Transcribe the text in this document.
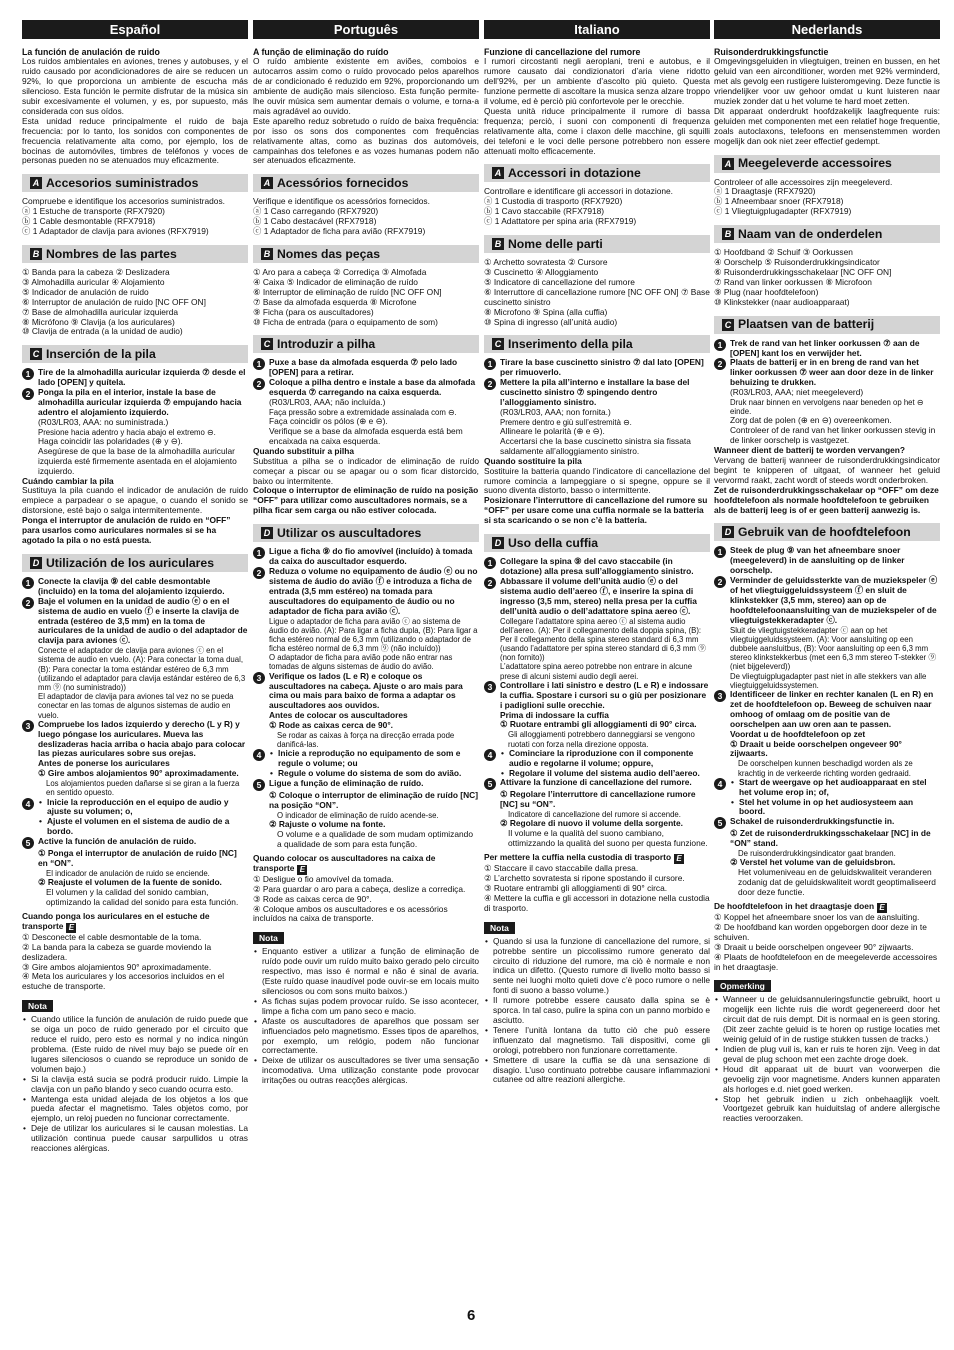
Español

La función de anulación de ruido

Los ruidos ambientales en aviones, trenes y autobuses, y el ruido causado por acondicionadores de aire se reducen un 92%, lo que proporciona un ambiente de escucha más silencioso. Esta función le permite disfrutar de la música sin subir excesivamente el volumen, y es, por supuesto, más considerada con sus oídos.

Esta unidad reduce principalmente el ruido de baja frecuencia: por lo tanto, los sonidos con componentes de frecuencia relativamente alta como, por ejemplo, los de bocinas de automóviles, timbres de teléfonos y voces de personas pueden no se atenuados muy eficazmente.

A Accesorios suministrados

Compruebe e identifique los accesorios suministrados.

ⓐ 1 Estuche de transporte (RFX7920)

ⓑ 1 Cable desmontable (RFX7918)

ⓒ 1 Adaptador de clavija para aviones (RFX7919)

B Nombres de las partes

① Banda para la cabeza ② Deslizadera

③ Almohadilla auricular ④ Alojamiento

⑤ Indicador de anulación de ruido

⑥ Interruptor de anulación de ruido [NC OFF ON]

⑦ Base de almohadilla auricular izquierda

⑧ Micrófono ⑨ Clavija (a los auriculares)

⑩ Clavija de entrada (a la unidad de audio)

C Inserción de la pila
1 Tire de la almohadilla auricular izquierda ⑦ desde el lado [OPEN] y quítela.
2 Ponga la pila en el interior, instale la base de almohadilla auricular izquierda ⑦ empujando hacia adentro el alojamiento izquierdo.

(R03/LR03, AAA: no suministrada.)

Presione hacia adentro y hacia abajo el extremo ⊖.

Haga coincidir las polaridades (⊕ y ⊖).

Asegúrese de que la base de la almohadilla auricular izquierda esté firmemente asentada en el alojamiento izquierdo.

Cuándo cambiar la pila

Sustituya la pila cuando el indicador de anulación de ruido empiece a parpadear o se apague, o cuando el sonido se distorsione, esté bajo o salga intermitentemente.

Ponga el interruptor de anulación de ruido en “OFF” para usarlos como auriculares normales si se ha agotado la pila o no está puesta.

D Utilización de los auriculares
1 Conecte la clavija ⑨ del cable desmontable (incluido) en la toma del alojamiento izquierdo.
2 Baje el volumen en la unidad de audio ⓔ o en el sistema de audio en vuelo ⓕ e inserte la clavija de entrada (estéreo de 3,5 mm) en la toma de auriculares de la unidad de audio o del adaptador de clavija para aviones ⓒ.

Conecte el adaptador de clavija para aviones ⓒ en el sistema de audio en vuelo. (A): Para conectar la toma dual, (B): Para conectar la toma estándar estéreo de 6,3 mm (utilizando el adaptador para clavija estándar estéreo de 6,3 mm ⑨ (no suministrado))

El adaptador de clavija para aviones tal vez no se pueda conectar en las tomas de algunos sistemas de audio en vuelo.

3 Compruebe los lados izquierdo y derecho (L y R) y luego póngase los auriculares. Mueva las deslizaderas hacia arriba o hacia abajo para colocar las piezas auriculares sobre sus orejas.

Antes de ponerse los auriculares

① Gire ambos alojamientos 90° aproximadamente.

Los alojamientos pueden dañarse si se giran a la fuerza en sentido opuesto.

4	• Inicie la reproducción en el equipo de audio y ajuste su volumen; o,
• Ajuste el volumen en el sistema de audio de a bordo.
5 Active la función de anulación de ruido.

① Ponga el interruptor de anulación de ruido [NC] en “ON”.

El indicador de anulación de ruido se enciende.

② Reajuste el volumen de la fuente de sonido.

El volumen y la calidad del sonido cambian, optimizando la calidad del sonido para esta función.

Cuando ponga los auriculares en el estuche de transporte E

① Desconecte el cable desmontable de la toma.

② La banda para la cabeza se guarde moviendo la deslizadera.

③ Gire ambos alojamientos 90° aproximadamente.

④ Meta los auriculares y los accesorios incluidos en el estuche de transporte.

Nota
• Cuando utilice la función de anulación de ruido puede que se oiga un poco de ruido generado por el circuito que reduce el ruido, pero esto es normal y no indica ningún problema. (Este ruido de nivel muy bajo se puede oír en lugares silenciosos o cuando se reproduce un sonido de volumen bajo.)
• Si la clavija está sucia se podrá producir ruido. Limpie la clavija con un paño blando y seco cuando ocurra esto.
• Mantenga esta unidad alejada de los objetos a los que pueda afectar el magnetismo. Tales objetos como, por ejemplo, un reloj pueden no funcionar correctamente.
• Deje de utilizar los auriculares si le causan molestias. La utilización continua puede causar sarpullidos u otras reacciones alérgicas.
Português

A função de eliminação do ruído

O ruído ambiente existente em aviões, comboios e autocarros assim como o ruído provocado pelos aparelhos de ar condicionado é reduzido em 92%, proporcionando um ambiente de audição mais silencioso. Esta função permite-lhe ouvir música sem aumentar demais o volume, e torna-a mais agradável ao ouvido.

Este aparelho reduz sobretudo o ruído de baixa frequência: por isso os sons dos componentes com frequências relativamente altas, como as buzinas dos automóveis, campainhas dos telefones e as vozes humanas podem não ser atenuados eficazmente.

A Acessórios fornecidos

Verifique e identifique os acessórios fornecidos.

ⓐ 1 Caso carregando (RFX7920)

ⓑ 1 Cabo destacável (RFX7918)

ⓒ 1 Adaptador de ficha para avião (RFX7919)

B Nomes das peças

① Aro para a cabeça ② Corrediça ③ Almofada

④ Caixa ⑤ Indicador de eliminação de ruído

⑥ Interruptor de eliminação de ruído [NC OFF ON]

⑦ Base da almofada esquerda ⑧ Microfone

⑨ Ficha (para os auscultadores)

⑩ Ficha de entrada (para o equipamento de som)

C Introduzir a pilha
1 Puxe a base da almofada esquerda ⑦ pelo lado [OPEN] para a retirar.
2 Coloque a pilha dentro e instale a base da almofada esquerda ⑦ carregando na caixa esquerda.

(R03/LR03, AAA; não incluída.)

Faça pressão sobre a extremidade assinalada com ⊖.

Faça coincidir os pólos (⊕ e ⊖).

Verifique se a base da almofada esquerda está bem encaixada na caixa esquerda.

Quando substituir a pilha

Substitua a pilha se o indicador de eliminação de ruído começar a piscar ou se apagar ou o som ficar distorcido, baixo ou intermitente.

Coloque o interruptor de eliminação de ruído na posição “OFF” para utilizar como auscultadores normais, se a pilha ficar sem carga ou não estiver colocada.

D Utilizar os auscultadores
1 Ligue a ficha ⑨ do fio amovível (incluído) à tomada da caixa do auscultador esquerdo.
2 Reduza o volume no equipamento de áudio ⓔ ou no sistema de áudio do avião ⓕ e introduza a ficha de entrada (3,5 mm estéreo) na tomada para auscultadores do equipamento de áudio ou no adaptador de ficha para avião ⓒ.

Ligue o adaptador de ficha para avião ⓒ ao sistema de áudio do avião. (A): Para ligar a ficha dupla, (B): Para ligar a ficha estéreo normal de 6,3 mm (utilizando o adaptador de ficha estéreo normal de 6,3 mm ⑨ (não incluído))

O adaptador de ficha para avião pode não entrar nas tomadas de alguns sistemas de áudio do avião.

3 Verifique os lados (L e R) e coloque os auscultadores na cabeça. Ajuste o aro mais para cima ou mais para baixo de forma a adaptar os auscultadores aos ouvidos.

Antes de colocar os auscultadores

① Rode as caixas cerca de 90°.

Se rodar as caixas à força na direcção errada pode danificá-las.

4	• Inicie a reprodução no equipamento de som e regule o volume; ou
• Regule o volume do sistema de som do avião.
5 Ligue a função de eliminação de ruído.

① Coloque o interruptor de eliminação de ruído [NC] na posição “ON”.

O indicador de eliminação de ruído acende-se.

② Rajuste o volume na fonte.

O volume e a qualidade de som mudam optimizando a qualidade de som para esta função.

Quando colocar os auscultadores na caixa de transporte E

① Desligue o fio amovível da tomada.

② Para guardar o aro para a cabeça, deslize a corrediça.

③ Rode as caixas cerca de 90°.

④ Coloque ambos os auscultadores e os acessórios incluídos na caixa de transporte.

Nota
• Enquanto estiver a utilizar a função de eliminação de ruído pode ouvir um ruído muito baixo gerado pelo circuito respectivo, mas isso é normal e não é sinal de avaria. (Este ruído quase inaudível pode ouvir-se em locais muito silenciosos ou com sons muito baixos.)
• As fichas sujas podem provocar ruído. Se isso acontecer, limpe a ficha com um pano seco e macio.
• Afaste os auscultadores de aparelhos que possam ser influenciados pelo magnetismo. Esses tipos de aparelhos, por exemplo, um relógio, podem não funcionar correctamente.
• Deixe de utilizar os auscultadores se tiver uma sensação incomodativa. Uma utilização constante pode provocar irritações ou outras reacções alérgicas.
Italiano

Funzione di cancellazione del rumore

I rumori circostanti negli aeroplani, treni e autobus, e il rumore causato dai condizionatori d’aria viene ridotto dell’92%, per un ambiente d’ascolto più quieto. Questa funzione permette di ascoltare la musica senza alzare troppo il volume, ed è perciò più confortevole per le orecchie.

Questa unità riduce principalmente il rumore di bassa frequenza; perciò, i suoni con componenti di frequenza relativamente alta, come i claxon delle macchine, gli squilli dei telefoni e le voci delle persone potrebbero non essere attenuati molto efficacemente.

A Accessori in dotazione

Controllare e identificare gli accessori in dotazione.

ⓐ 1 Custodia di trasporto (RFX7920)

ⓑ 1 Cavo staccabile (RFX7918)

ⓒ 1 Adattatore per spina aria (RFX7919)

B Nome delle parti

① Archetto sovratesta ② Cursore

③ Cuscinetto ④ Alloggiamento

⑤ Indicatore di cancellazione del rumore

⑥ Interruttore di cancellazione rumore [NC OFF ON] ⑦ Base cuscinetto sinistro

⑧ Microfono ⑨ Spina (alla cuffia)

⑩ Spina di ingresso (all’unità audio)

C Inserimento della pila
1 Tirare la base cuscinetto sinistro ⑦ dal lato [OPEN] per rimuoverlo.
2 Mettere la pila all’interno e installare la base del cuscinetto sinistro ⑦ spingendo dentro l’alloggiamento sinistro.

(R03/LR03, AAA; non fornita.)

Premere dentro e giù sull’estremità ⊖.

Allineare le polarità (⊕ e ⊖).

Accertarsi che la base cuscinetto sinistra sia fissata saldamente all’alloggiamento sinistro.

Quando sostituire la pila

Sostituire la batteria quando l’indicatore di cancellazione del rumore comincia a lampeggiare o si spegne, oppure se il suono diventa distorto, basso o intermittente.

Posizionare l’interruttore di cancellazione del rumore su “OFF” per usare come una cuffia normale se la batteria si sta scaricando o se non c’è la batteria.

D Uso della cuffia
1 Collegare la spina ⑨ del cavo staccabile (in dotazione) alla presa sull’alloggiamento sinistro.
2 Abbassare il volume dell’unità audio ⓔ o del sistema audio dell’aereo ⓕ, e inserire la spina di ingresso (3,5 mm, stereo) nella presa per la cuffia dell’unità audio o dell’adattatore spina aereo ⓒ.

Collegare l’adattatore spina aereo ⓒ al sistema audio dell’aereo. (A): Per il collegamento della doppia spina, (B): Per il collegamento della spina stereo standard di 6,3 mm (usando l’adattatore per spina stereo standard di 6,3 mm ⑨ (non fornito))

L’adattatore spina aereo potrebbe non entrare in alcune prese di alcuni sistemi audio degli aerei.

3 Controllare i lati sinistro e destro (L e R) e indossare la cuffia. Spostare i cursori su o giù per posizionare i padiglioni sulle orecchie.

Prima di indossare la cuffia

① Ruotare entrambi gli alloggiamenti di 90° circa.

Gli alloggiamenti potrebbero danneggiarsi se vengono ruotati con forza nella direzione opposta.

4	• Cominciare la riproduzione con il componente audio e regolarne il volume; oppure,
• Regolare il volume del sistema audio dell’aereo.
5 Attivare la funzione di cancellazione del rumore.

① Regolare l’interruttore di cancellazione rumore [NC] su “ON”.

Indicatore di cancellazione del rumore si accende.

② Regolare di nuovo il volume della sorgente.

Il volume e la qualità del suono cambiano, ottimizzando la qualità del suono per questa funzione.

Per mettere la cuffia nella custodia di trasporto E

① Staccare il cavo staccabile dalla presa.

② L’archetto sovratesta si ripone spostando il cursore.

③ Ruotare entrambi gli alloggiamenti di 90° circa.

④ Mettere la cuffia e gli accessori in dotazione nella custodia di trasporto.

Nota
• Quando si usa la funzione di cancellazione del rumore, si potrebbe sentire un piccolissimo rumore generato dal circuito di riduzione del rumore, ma ciò è normale e non indica un difetto. (Questo rumore di livello molto basso si sente nei luoghi molto quieti dove c’è poco rumore o nelle fonti di suono a basso volume.)
• Il rumore potrebbe essere causato dalla spina se è sporca. In tal caso, pulire la spina con un panno morbido e asciutto.
• Tenere l’unità lontana da tutto ciò che può essere influenzato dal magnetismo. Tali dispositivi, come gli orologi, potrebbero non funzionare correttamente.
• Smettere di usare la cuffia se dà una sensazione di disagio. L’uso continuato potrebbe causare infiammazioni cutanee od altre reazioni allergiche.
Nederlands

Ruisonderdrukkingsfunctie

Omgevingsgeluiden in vliegtuigen, treinen en bussen, en het geluid van een airconditioner, worden met 92% verminderd, met als gevolg een rustigere luisteromgeving. Deze functie is vriendelijker voor uw gehoor omdat u kunt luisteren naar muziek zonder dat u het volume te hard moet zetten.

Dit apparaat onderdrukt hoofdzakelijk laagfrequente ruis: geluiden met componenten met een relatief hoge frequentie, zoals autoclaxons, telefoons en mensenstemmen worden mogelijk dan ook niet zeer effectief gedempt.

A Meegeleverde accessoires

Controleer of alle accessoires zijn meegeleverd.

ⓐ 1 Draagtasje (RFX7920)

ⓑ 1 Afneembaar snoer (RFX7918)

ⓒ 1 Vliegtuigplugadapter (RFX7919)

B Naam van de onderdelen

① Hoofdband ② Schuif ③ Oorkussen

④ Oorschelp ⑤ Ruisonderdrukkingsindicator

⑥ Ruisonderdrukkingsschakelaar [NC OFF ON]

⑦ Rand van linker oorkussen ⑧ Microfoon

⑨ Plug (naar hoofdtelefoon)

⑩ Klinkstekker (naar audioapparaat)

C Plaatsen van de batterij
1 Trek de rand van het linker oorkussen ⑦ aan de [OPEN] kant los en verwijder het.
2 Plaats de batterij er in en breng de rand van het linker oorkussen ⑦ weer aan door deze in de linker behuizing te drukken.

(R03/LR03, AAA; niet meegeleverd)

Druk naar binnen en vervolgens naar beneden op het ⊖ einde.

Zorg dat de polen (⊕ en ⊖) overeenkomen.

Controleer of de rand van het linker oorkussen stevig in de linker oorschelp is vastgezet.

Wanneer dient de batterij te worden vervangen?

Vervang de batterij wanneer de ruisonderdrukkingsindicator begint te knipperen of uitgaat, of wanneer het geluid vervormd raakt, zacht wordt of steeds wordt onderbroken.

Zet de ruisonderdrukkingsschakelaar op “OFF” om deze hoofdtelefoon als normale hoofdtelefoon te gebruiken als de batterij leeg is of er geen batterij aanwezig is.

D Gebruik van de hoofdtelefoon
1 Steek de plug ⑨ van het afneembare snoer (meegeleverd) in de aansluiting op de linker oorschelp.
2 Verminder de geluidssterkte van de muziekspeler ⓔ of het vliegtuiggeluidssysteem ⓕ en sluit de klinkstekker (3,5 mm, stereo) aan op de hoofdtelefoonaansluiting van de muziekspeler of de vliegtuigstekkeradapter ⓒ.

Sluit de vliegtuigstekkeradapter ⓒ aan op het vliegtuiggeluidssysteem. (A): Voor aansluiting op een dubbele aansluitbus, (B): Voor aansluiting op een 6,3 mm stereo klinkstekkerbus (met een 6,3 mm stereo T-stekker ⑨ (niet bijgeleverd))

De vliegtuigplugadapter past niet in alle stekkers van alle vliegtuiggeluidssystemen.

3 Identificeer de linker en rechter kanalen (L en R) en zet de hoofdtelefoon op. Beweeg de schuiven naar omhoog of omlaag om de positie van de oorschelpen aan uw oren aan te passen.

Voordat u de hoofdtelefoon op zet

① Draait u beide oorschelpen ongeveer 90° zijwaarts.

De oorschelpen kunnen beschadigd worden als ze krachtig in de verkeerde richting worden gedraaid.

4	• Start de weergave op het audioapparaat en stel het volume erop in; of,
• Stel het volume in op het audiosysteem aan boord.
5 Schakel de ruisonderdrukkingsfunctie in.

① Zet de ruisonderdrukkingsschakelaar [NC] in de “ON” stand.

De ruisonderdrukkingsindicator gaat branden.

② Verstel het volume van de geluidsbron.

Het volumeniveau en de geluidskwaliteit veranderen zodanig dat de geluidskwaliteit wordt geoptimaliseerd door deze functie.

De hoofdtelefoon in het draagtasje doen E

① Koppel het afneembare snoer los van de aansluiting.

② De hoofdband kan worden opgeborgen door deze in te schuiven.

③ Draait u beide oorschelpen ongeveer 90° zijwaarts.

④ Plaats de hoofdtelefoon en de meegeleverde accessoires in het draagtasje.

Opmerking
• Wanneer u de geluidsannuleringsfunctie gebruikt, hoort u mogelijk een lichte ruis die wordt gegenereerd door het circuit dat de ruis dempt. Dit is normaal en is geen storing. (Dit zeer zachte geluid is te horen op rustige locaties met weinig geluid of in de rustige stukken tussen de tracks.)
• Indien de plug vuil is, kan er ruis te horen zijn. Veeg in dat geval de plug schoon met een zachte droge doek.
• Houd dit apparaat uit de buurt van voorwerpen die gevoelig zijn voor magnetisme. Anders kunnen apparaten als horloges e.d. niet goed werken.
• Stop het gebruik indien u zich onbehaaglijk voelt. Voortgezet gebruik kan huiduitslag of andere allergische reacties veroorzaken.
6
